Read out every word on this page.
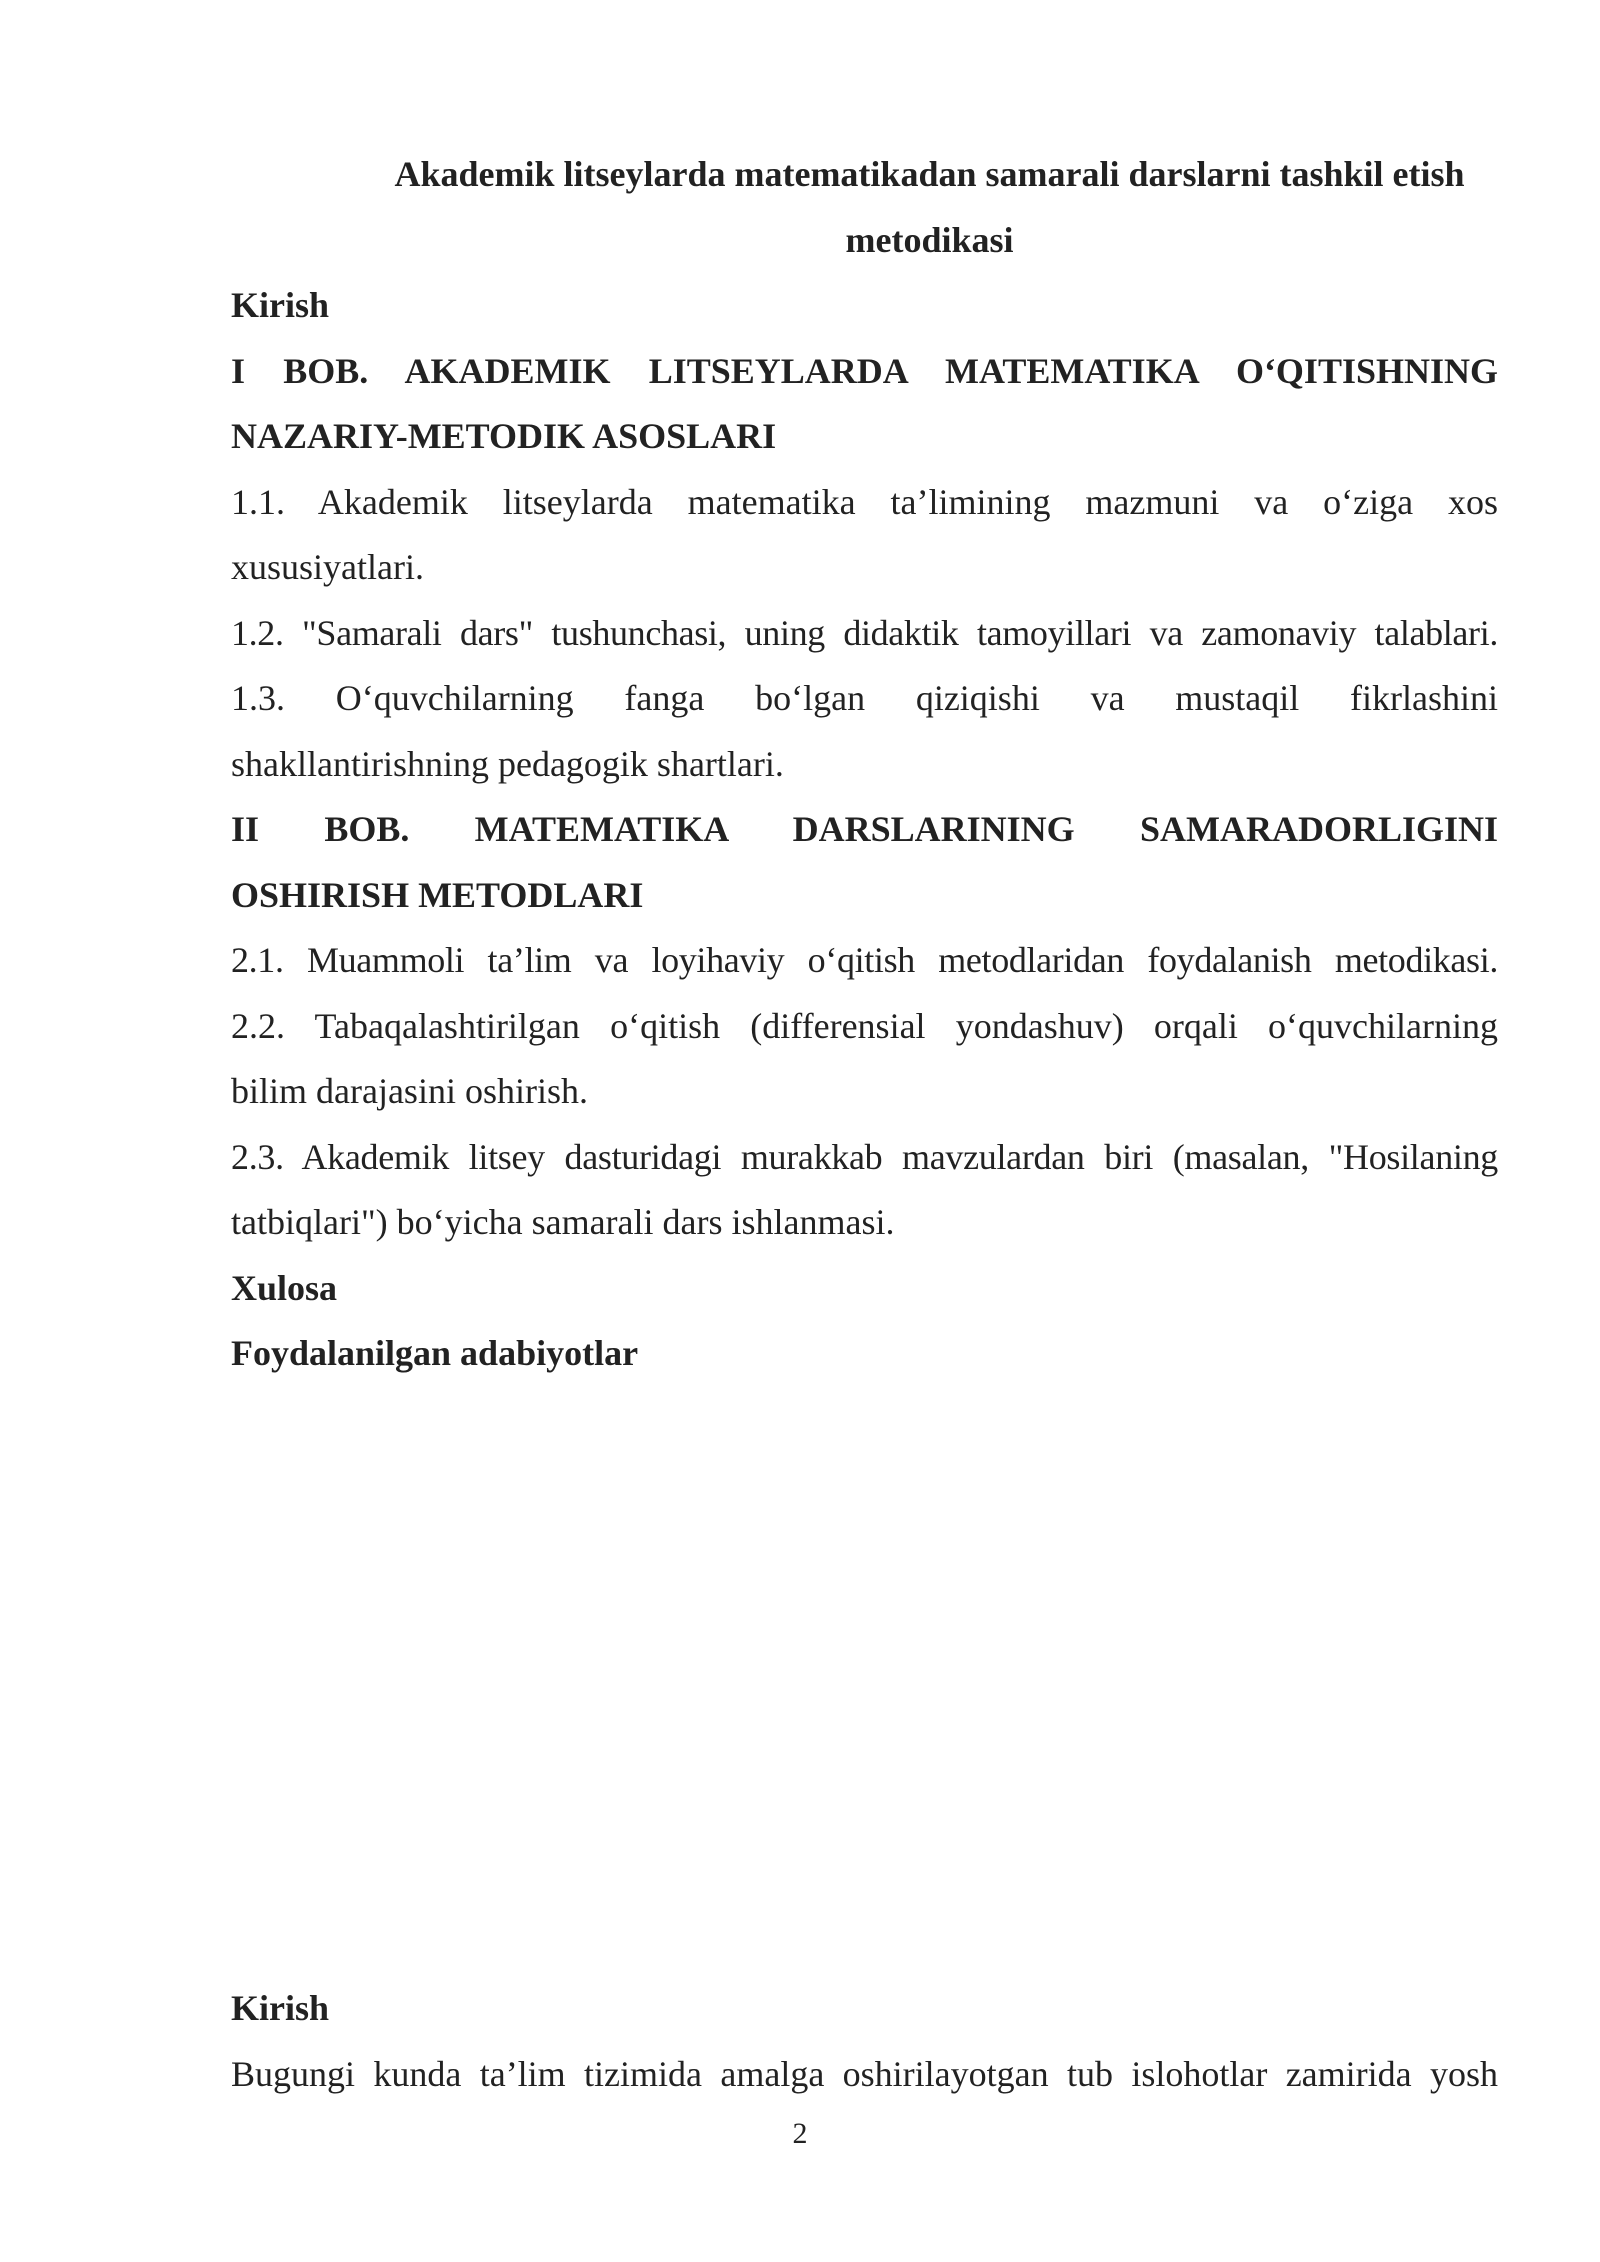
Akademik litseylarda matematikadan samarali darslarni tashkil etish

metodikasi

Kirish

I BOB. AKADEMIK LITSEYLARDA MATEMATIKA O‘QITISHNING

NAZARIY-METODIK ASOSLARI

1.1. Akademik litseylarda matematika ta’limining mazmuni va o‘ziga xos

xususiyatlari.

1.2. "Samarali dars" tushunchasi, uning didaktik tamoyillari va zamonaviy talablari.

1.3. O‘quvchilarning fanga bo‘lgan qiziqishi va mustaqil fikrlashini

shakllantirishning pedagogik shartlari.

II BOB. MATEMATIKA DARSLARINING SAMARADORLIGINI

OSHIRISH METODLARI

2.1. Muammoli ta’lim va loyihaviy o‘qitish metodlaridan foydalanish metodikasi.

2.2. Tabaqalashtirilgan o‘qitish (differensial yondashuv) orqali o‘quvchilarning

bilim darajasini oshirish.

2.3. Akademik litsey dasturidagi murakkab mavzulardan biri (masalan, "Hosilaning

tatbiqlari") bo‘yicha samarali dars ishlanmasi.

Xulosa

Foydalanilgan adabiyotlar

Kirish

Bugungi kunda ta’lim tizimida amalga oshirilayotgan tub islohotlar zamirida yosh

2
